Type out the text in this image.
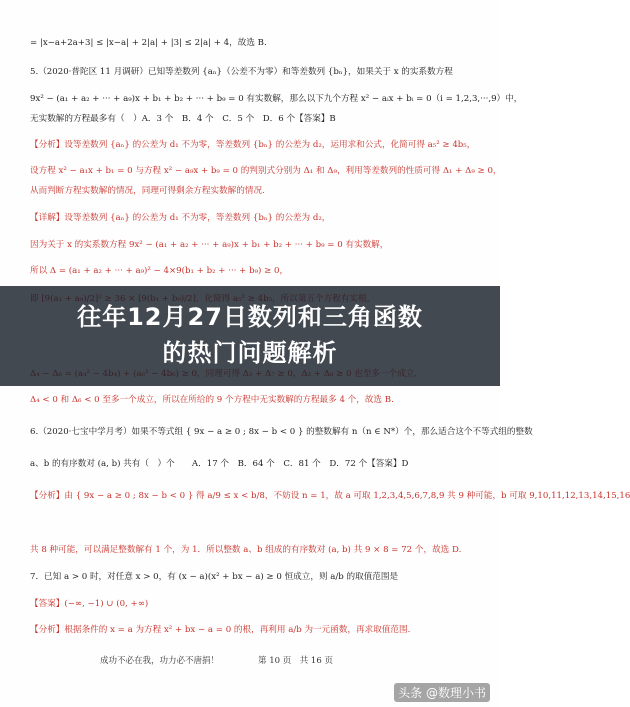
= |x−a+2a+3| ≤ |x−a| + 2|a| + |3| ≤ 2|a| + 4，故选 B.
5.（2020·普陀区 11 月调研）已知等差数列 {aₙ}（公差不为零）和等差数列 {bₙ}，如果关于 x 的实系数方程
9x² − (a₁ + a₂ + ··· + a₉)x + b₁ + b₂ + ··· + b₉ = 0 有实数解，那么以下九个方程 x² − aᵢx + bᵢ = 0（i = 1,2,3,···,9）中，
无实数解的方程最多有（　）A．3 个　B．4 个　C．5 个　D．6 个【答案】B
【分析】设等差数列 {aₙ} 的公差为 d₁ 不为零，等差数列 {bₙ} 的公差为 d₂，运用求和公式，化简可得 a₅² ≥ 4b₅，
设方程 x² − a₁x + b₁ = 0 与方程 x² − a₉x + b₉ = 0 的判别式分别为 Δ₁ 和 Δ₉，利用等差数列的性质可得 Δ₁ + Δ₉ ≥ 0，
从而判断方程实数解的情况，同理可得剩余方程实数解的情况.
【详解】设等差数列 {aₙ} 的公差为 d₁ 不为零，等差数列 {bₙ} 的公差为 d₂，
因为关于 x 的实系数方程 9x² − (a₁ + a₂ + ··· + a₉)x + b₁ + b₂ + ··· + b₉ = 0 有实数解，
所以 Δ = (a₁ + a₂ + ··· + a₉)² − 4×9(b₁ + b₂ + ··· + b₉) ≥ 0，
Δ₄ < 0 和 Δ₆ < 0 至多一个成立，所以在所给的 9 个方程中无实数解的方程最多 4 个，故选 B.
6.（2020·七宝中学月考）如果不等式组 { 9x − a ≥ 0 ; 8x − b < 0 } 的整数解有 n（n ∈ N*）个，那么适合这个不等式组的整数
a、b 的有序数对 (a, b) 共有（　）个　　A．17 个　B．64 个　C．81 个　D．72 个【答案】D
【分析】由 { 9x − a ≥ 0 ; 8x − b < 0 } 得 a/9 ≤ x < b/8，不妨设 n = 1，故 a 可取 1,2,3,4,5,6,7,8,9 共 9 种可能，b 可取 9,10,11,12,13,14,15,16
共 8 种可能，可以满足整数解有 1 个，为 1．所以整数 a、b 组成的有序数对 (a, b) 共 9 × 8 = 72 个，故选 D.
7．已知 a > 0 时，对任意 x > 0，有 (x − a)(x² + bx − a) ≥ 0 恒成立，则 a/b 的取值范围是
【答案】(−∞, −1) ∪ (0, +∞)
【分析】根据条件的 x = a 为方程 x² + bx − a = 0 的根，再利用 a/b 为一元函数，再求取值范围.
往年12月27日数列和三角函数
的热门问题解析
成功不必在我，功力必不唐捐！	第 10 页　共 16 页
头条 @数理小书
